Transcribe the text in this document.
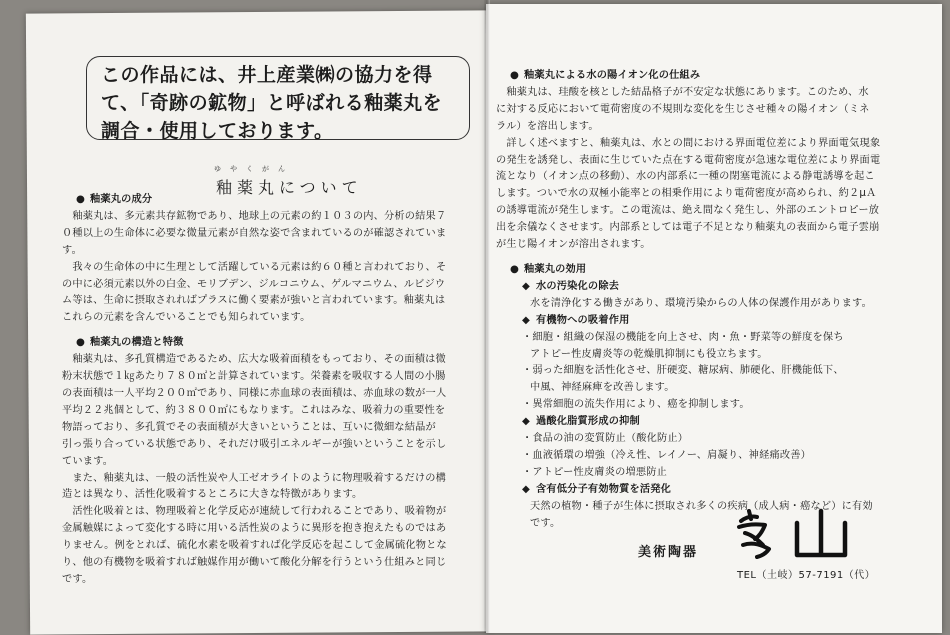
この作品には、井上産業㈱の協力を得
て、「奇跡の鉱物」と呼ばれる釉薬丸を
調合・使用しております。
ゆやくがん
釉薬丸について

● 釉薬丸の成分

　釉薬丸は、多元素共存鉱物であり、地球上の元素の約１０３の内、分析の結果７

０種以上の生命体に必要な微量元素が自然な姿で含まれているのが確認されていま

す。

　我々の生命体の中に生理として活躍している元素は約６０種と言われており、そ

の中に必須元素以外の白金、モリブデン、ジルコニウム、ゲルマニウム、ルビジウ

ム等は、生命に摂取されればプラスに働く要素が強いと言われています。釉薬丸は

これらの元素を含んでいることでも知られています。

● 釉薬丸の構造と特徴

　釉薬丸は、多孔質構造であるため、広大な吸着面積をもっており、その面積は微

粉末状態で１㎏あたり７８０㎡と計算されています。栄養素を吸収する人間の小腸

の表面積は一人平均２００㎡であり、同様に赤血球の表面積は、赤血球の数が一人

平均２２兆個として、約３８００㎡にもなります。これはみな、吸着力の重要性を

物語っており、多孔質でその表面積が大きいということは、互いに微細な結晶が

引っ張り合っている状態であり、それだけ吸引エネルギーが強いということを示し

ています。

　また、釉薬丸は、一般の活性炭や人工ゼオライトのように物理吸着するだけの構

造とは異なり、活性化吸着するところに大きな特徴があります。

　活性化吸着とは、物理吸着と化学反応が連続して行われることであり、吸着物が

金属触媒によって変化する時に用いる活性炭のように異形を抱き抱えたものではあ

りません。例をとれば、硫化水素を吸着すれば化学反応を起こして金属硫化物とな

り、他の有機物を吸着すれば触媒作用が働いて酸化分解を行うという仕組みと同じ

です。

● 釉薬丸による水の陽イオン化の仕組み

　釉薬丸は、珪酸を核とした結晶格子が不安定な状態にあります。このため、水

に対する反応において電荷密度の不規則な変化を生じさせ種々の陽イオン（ミネ

ラル）を溶出します。

　詳しく述べますと、釉薬丸は、水との間における界面電位差により界面電気現象

の発生を誘発し、表面に生じていた点在する電荷密度が急速な電位差により界面電

流となり（イオン点の移動）、水の内部系に一種の閉塞電流による静電誘導を起こ

します。ついで水の双極小能率との相乗作用により電荷密度が高められ、約２μＡ

の誘導電流が発生します。この電流は、絶え間なく発生し、外部のエントロピー放

出を余儀なくさせます。内部系としては電子不足となり釉薬丸の表面から電子雲崩

が生じ陽イオンが溶出されます。

● 釉薬丸の効用

◆ 水の汚染化の除去

水を清浄化する働きがあり、環境汚染からの人体の保護作用があります。

◆ 有機物への吸着作用

・細胞・組織の保湿の機能を向上させ、肉・魚・野菜等の鮮度を保ち

アトピー性皮膚炎等の乾燥肌抑制にも役立ちます。

・弱った細胞を活性化させ、肝硬変、糖尿病、肺硬化、肝機能低下、

中風、神経麻痺を改善します。

・異常細胞の流失作用により、癌を抑制します。

◆ 過酸化脂質形成の抑制

・食品の油の変質防止（酸化防止）

・血液循環の増強（冷え性、レイノー、肩凝り、神経痛改善）

・アトピー性皮膚炎の増悪防止

◆ 含有低分子有効物質を活発化

天然の植物・種子が生体に摂取され多くの疾病（成人病・癌など）に有効

です。

美術陶器
窯山
TEL（土岐）57-7191（代）
